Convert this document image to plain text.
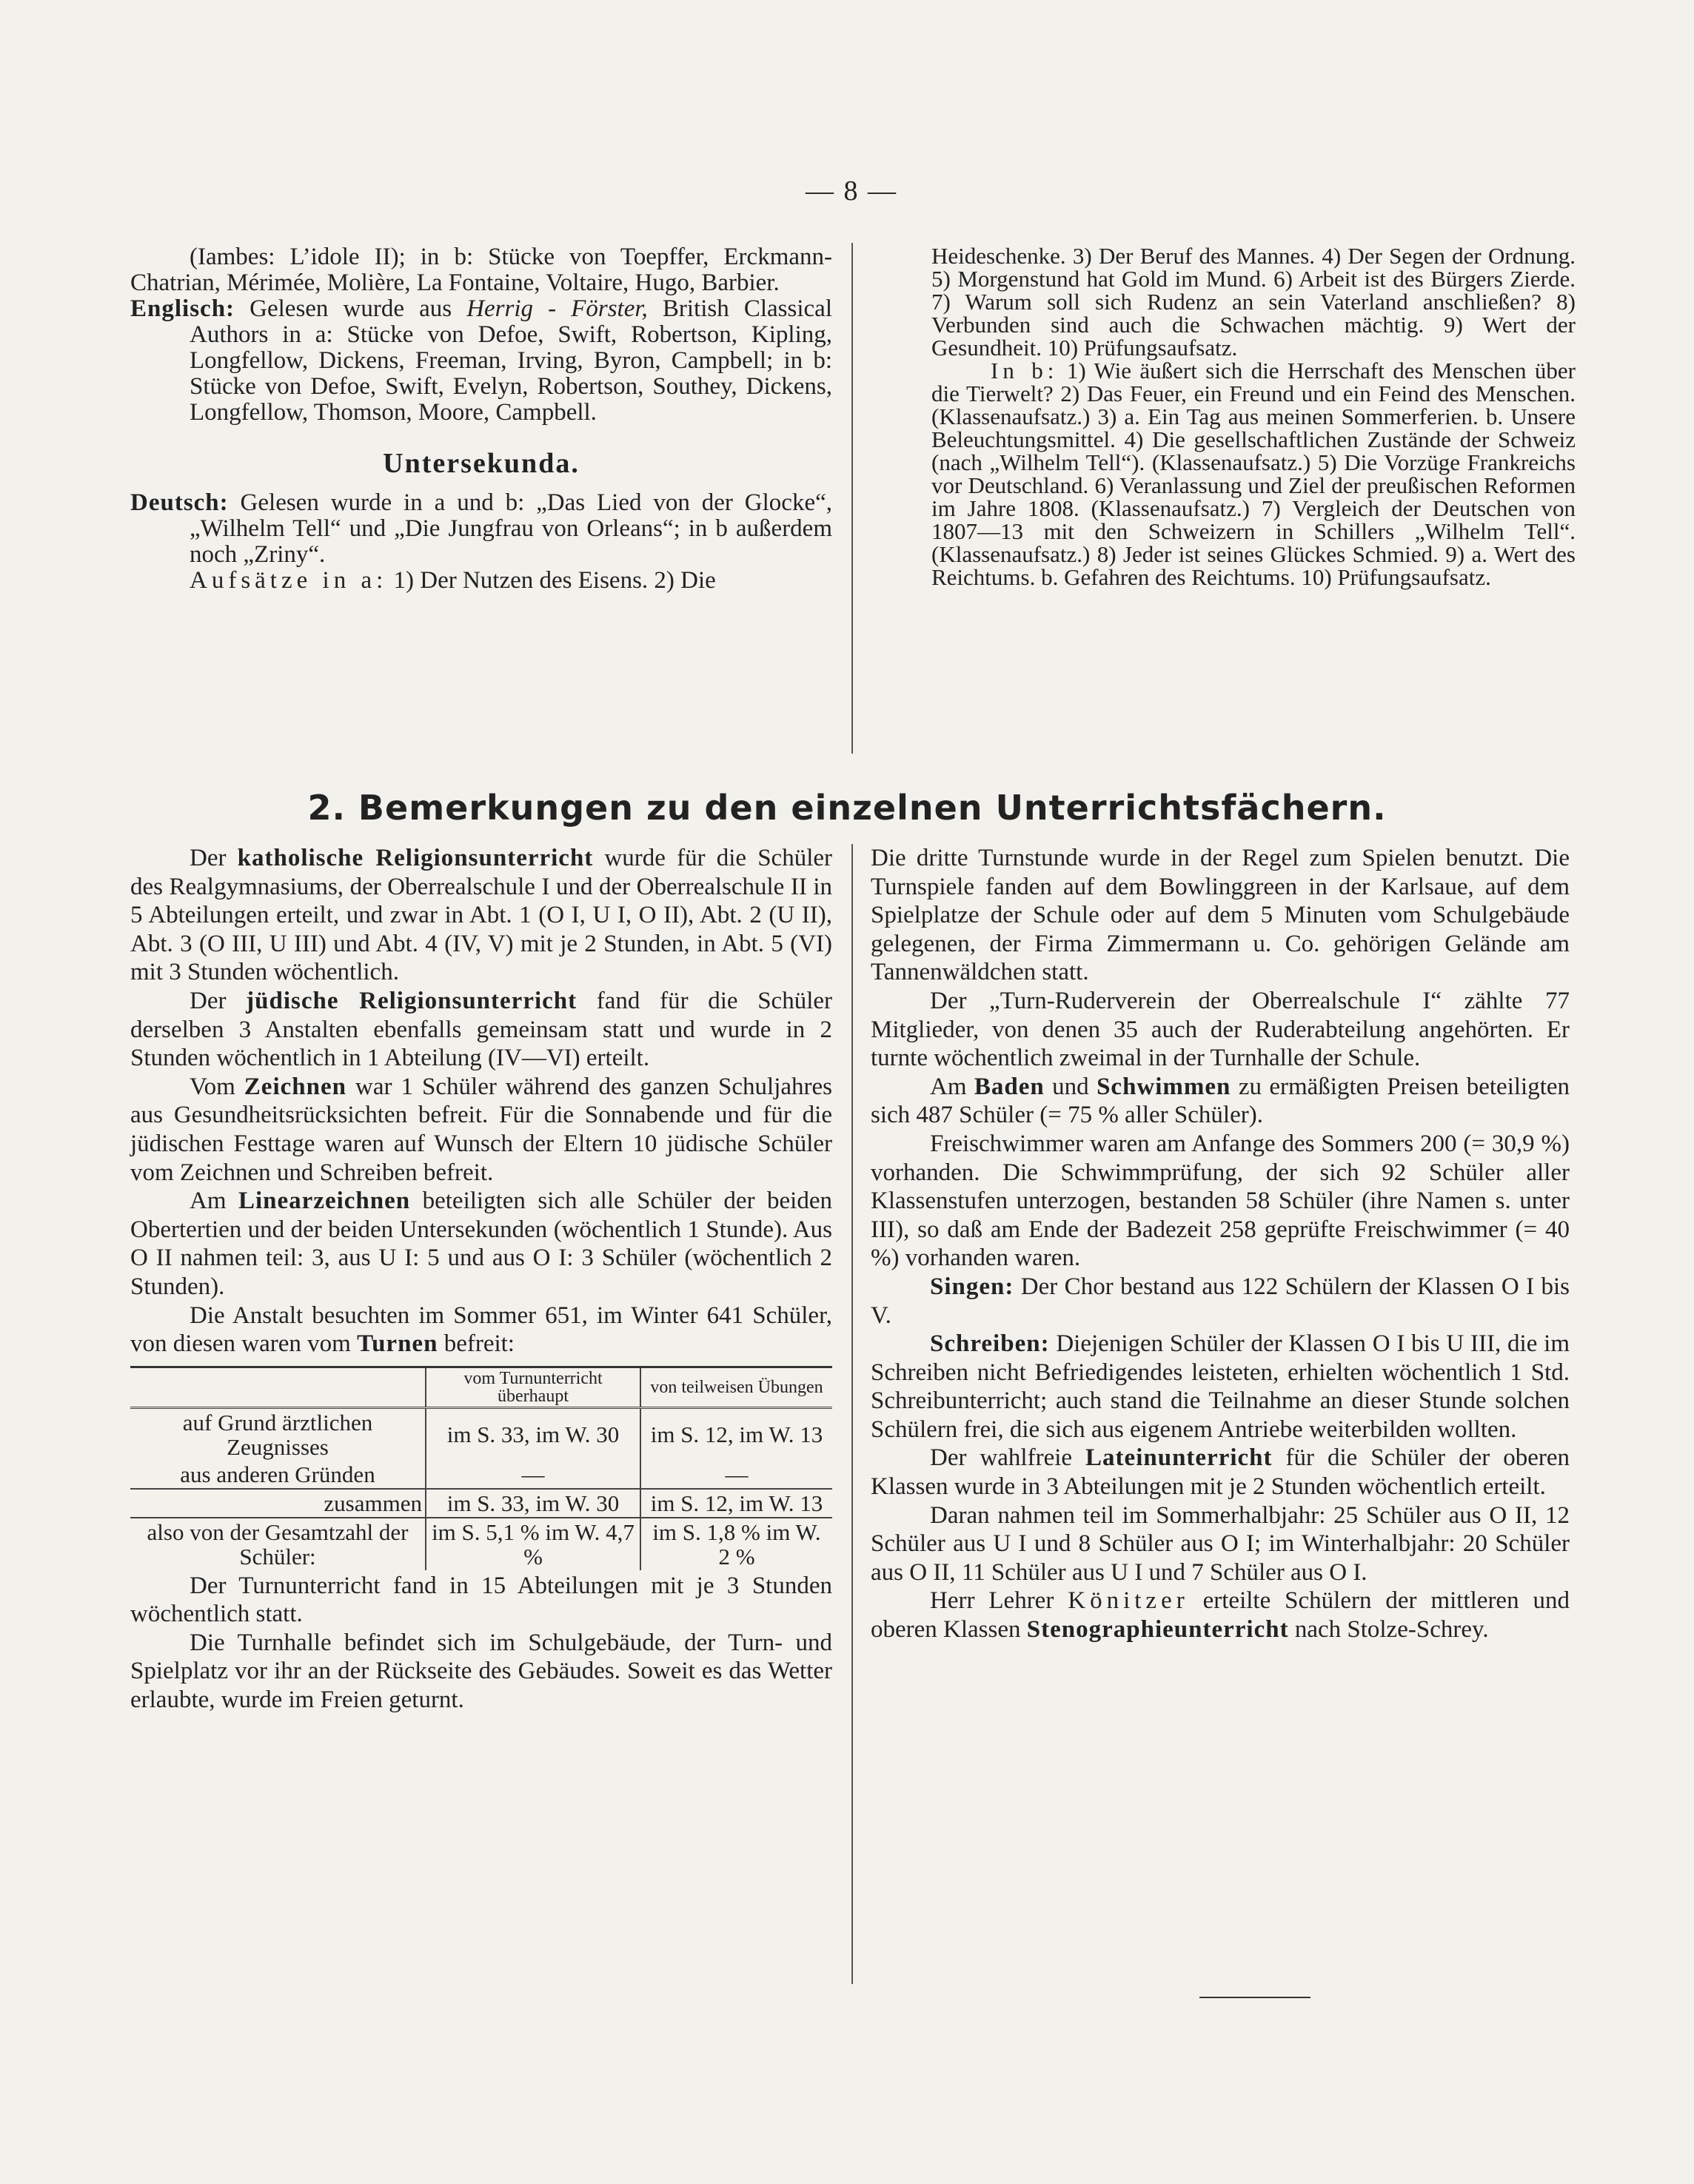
— 8 —

(Iambes: L’idole II); in b: Stücke von Toepffer, Erckmann-Chatrian, Mérimée, Molière, La Fontaine, Voltaire, Hugo, Barbier.

Englisch: Gelesen wurde aus Herrig - Förster, British Classical Authors in a: Stücke von Defoe, Swift, Robertson, Kipling, Longfellow, Dickens, Freeman, Irving, Byron, Campbell; in b: Stücke von Defoe, Swift, Evelyn, Robertson, Southey, Dickens, Longfellow, Thomson, Moore, Campbell.

Untersekunda.

Deutsch: Gelesen wurde in a und b: „Das Lied von der Glocke“, „Wilhelm Tell“ und „Die Jungfrau von Orleans“; in b außerdem noch „Zriny“.

Aufsätze in a: 1) Der Nutzen des Eisens. 2) Die

Heideschenke. 3) Der Beruf des Mannes. 4) Der Segen der Ordnung. 5) Morgenstund hat Gold im Mund. 6) Arbeit ist des Bürgers Zierde. 7) Warum soll sich Rudenz an sein Vaterland anschließen? 8) Verbunden sind auch die Schwachen mächtig. 9) Wert der Gesundheit. 10) Prüfungsaufsatz.

In b: 1) Wie äußert sich die Herrschaft des Menschen über die Tierwelt? 2) Das Feuer, ein Freund und ein Feind des Menschen. (Klassenaufsatz.) 3) a. Ein Tag aus meinen Sommerferien. b. Unsere Beleuchtungsmittel. 4) Die gesellschaftlichen Zustände der Schweiz (nach „Wilhelm Tell“). (Klassenaufsatz.) 5) Die Vorzüge Frankreichs vor Deutschland. 6) Veranlassung und Ziel der preußischen Reformen im Jahre 1808. (Klassenaufsatz.) 7) Vergleich der Deutschen von 1807—13 mit den Schweizern in Schillers „Wilhelm Tell“. (Klassenaufsatz.) 8) Jeder ist seines Glückes Schmied. 9) a. Wert des Reichtums. b. Gefahren des Reichtums. 10) Prüfungsaufsatz.

2. Bemerkungen zu den einzelnen Unterrichtsfächern.

Der katholische Religionsunterricht wurde für die Schüler des Realgymnasiums, der Oberrealschule I und der Oberrealschule II in 5 Abteilungen erteilt, und zwar in Abt. 1 (O I, U I, O II), Abt. 2 (U II), Abt. 3 (O III, U III) und Abt. 4 (IV, V) mit je 2 Stunden, in Abt. 5 (VI) mit 3 Stunden wöchentlich.

Der jüdische Religionsunterricht fand für die Schüler derselben 3 Anstalten ebenfalls gemeinsam statt und wurde in 2 Stunden wöchentlich in 1 Abteilung (IV—VI) erteilt.

Vom Zeichnen war 1 Schüler während des ganzen Schuljahres aus Gesundheitsrücksichten befreit. Für die Sonnabende und für die jüdischen Festtage waren auf Wunsch der Eltern 10 jüdische Schüler vom Zeichnen und Schreiben befreit.

Am Linearzeichnen beteiligten sich alle Schüler der beiden Obertertien und der beiden Untersekunden (wöchentlich 1 Stunde). Aus O II nahmen teil: 3, aus U I: 5 und aus O I: 3 Schüler (wöchentlich 2 Stunden).

Die Anstalt besuchten im Sommer 651, im Winter 641 Schüler, von diesen waren vom Turnen befreit:

	vom Turnunterricht überhaupt	von teilweisen Übungen
auf Grund ärztlichen Zeugnisses	im S. 33, im W. 30	im S. 12, im W. 13
aus anderen Gründen	—	—
zusammen	im S. 33, im W. 30	im S. 12, im W. 13
also von der Gesamtzahl der Schüler:	im S. 5,1 % im W. 4,7 %	im S. 1,8 % im W. 2 %

Der Turnunterricht fand in 15 Abteilungen mit je 3 Stunden wöchentlich statt.

Die Turnhalle befindet sich im Schulgebäude, der Turn- und Spielplatz vor ihr an der Rückseite des Gebäudes. Soweit es das Wetter erlaubte, wurde im Freien geturnt.

Die dritte Turnstunde wurde in der Regel zum Spielen benutzt. Die Turnspiele fanden auf dem Bowlinggreen in der Karlsaue, auf dem Spielplatze der Schule oder auf dem 5 Minuten vom Schulgebäude gelegenen, der Firma Zimmermann u. Co. gehörigen Gelände am Tannenwäldchen statt.

Der „Turn-Ruderverein der Oberrealschule I“ zählte 77 Mitglieder, von denen 35 auch der Ruderabteilung angehörten. Er turnte wöchentlich zweimal in der Turnhalle der Schule.

Am Baden und Schwimmen zu ermäßigten Preisen beteiligten sich 487 Schüler (= 75 % aller Schüler).

Freischwimmer waren am Anfange des Sommers 200 (= 30,9 %) vorhanden. Die Schwimmprüfung, der sich 92 Schüler aller Klassenstufen unterzogen, bestanden 58 Schüler (ihre Namen s. unter III), so daß am Ende der Badezeit 258 geprüfte Freischwimmer (= 40 %) vorhanden waren.

Singen: Der Chor bestand aus 122 Schülern der Klassen O I bis V.

Schreiben: Diejenigen Schüler der Klassen O I bis U III, die im Schreiben nicht Befriedigendes leisteten, erhielten wöchentlich 1 Std. Schreibunterricht; auch stand die Teilnahme an dieser Stunde solchen Schülern frei, die sich aus eigenem Antriebe weiterbilden wollten.

Der wahlfreie Lateinunterricht für die Schüler der oberen Klassen wurde in 3 Abteilungen mit je 2 Stunden wöchentlich erteilt.

Daran nahmen teil im Sommerhalbjahr: 25 Schüler aus O II, 12 Schüler aus U I und 8 Schüler aus O I; im Winterhalbjahr: 20 Schüler aus O II, 11 Schüler aus U I und 7 Schüler aus O I.

Herr Lehrer Könitzer erteilte Schülern der mittleren und oberen Klassen Stenographieunterricht nach Stolze-Schrey.
